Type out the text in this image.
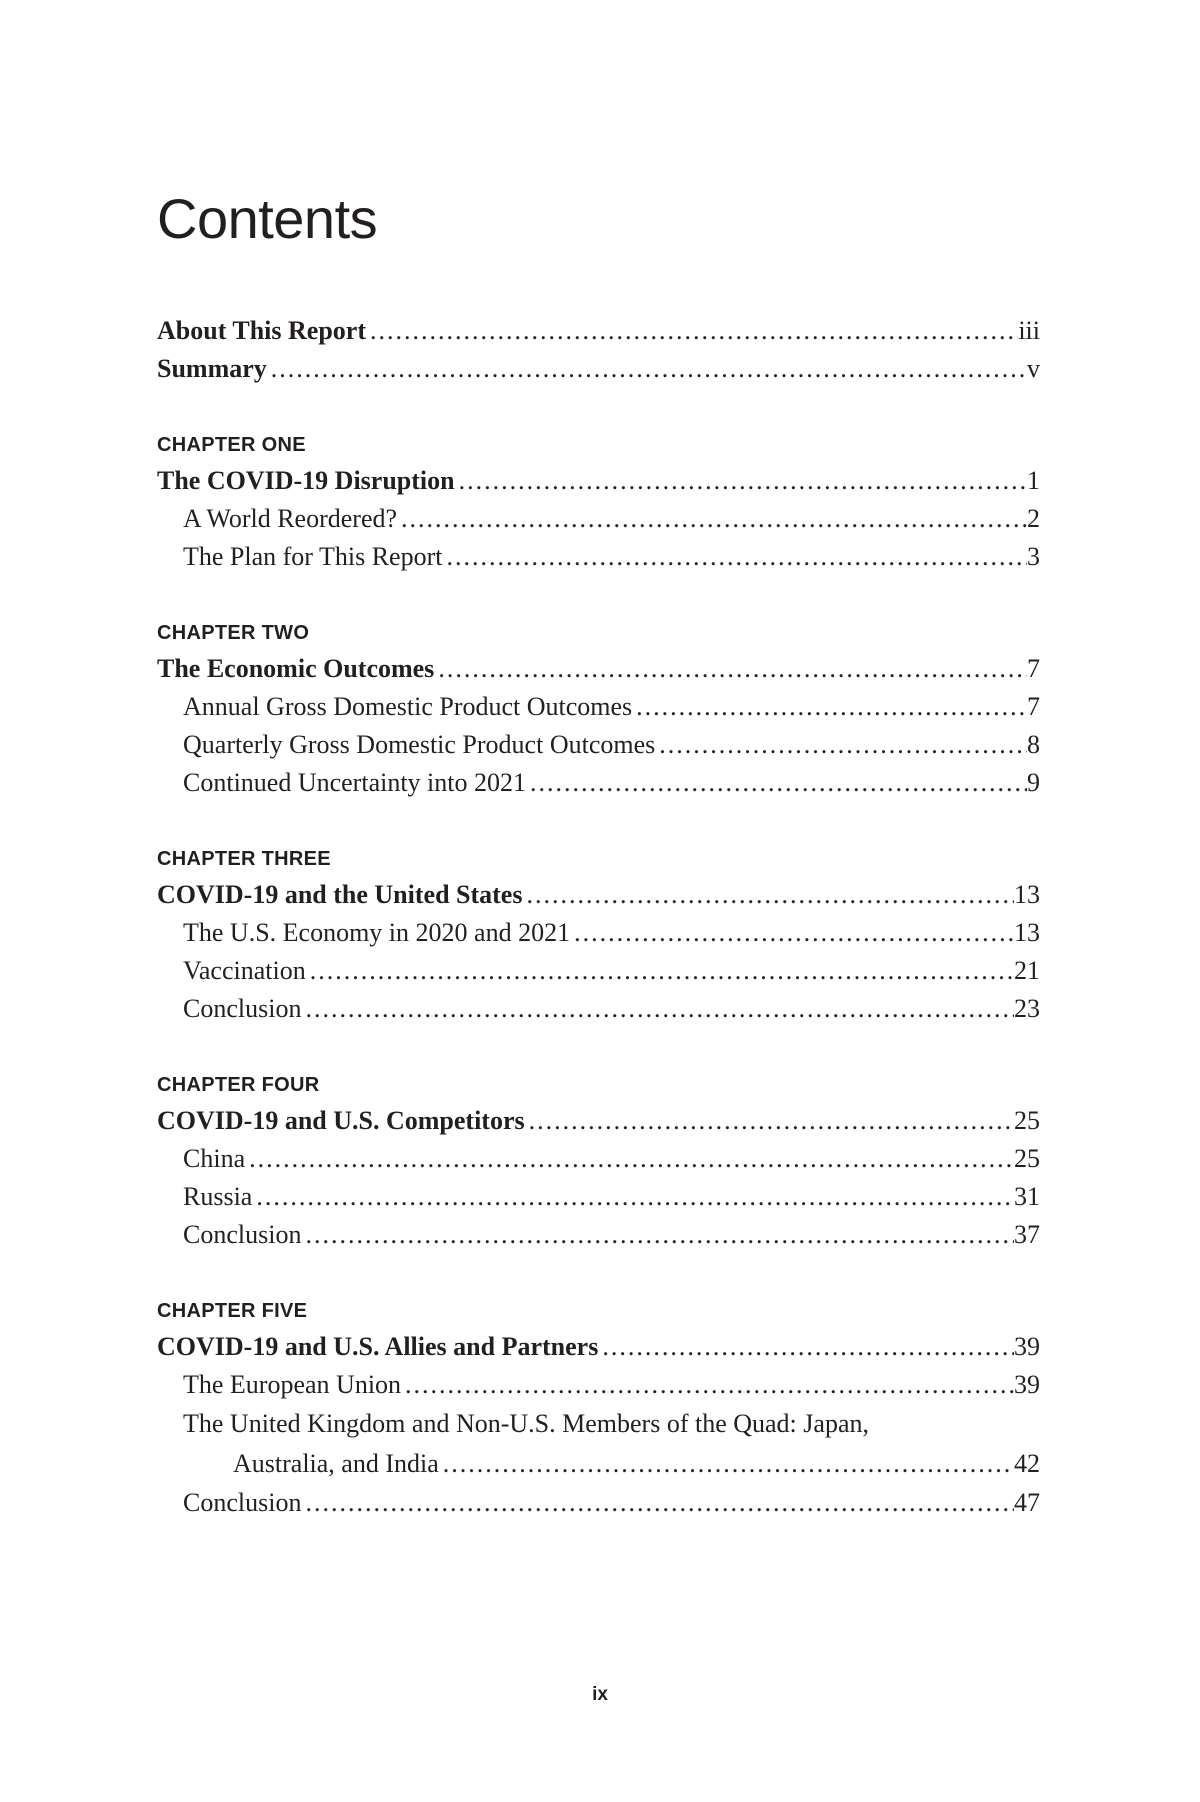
Contents
About This Report .....	iii
Summary .....	v
CHAPTER ONE
The COVID-19 Disruption .....	1
A World Reordered? .....	2
The Plan for This Report .....	3
CHAPTER TWO
The Economic Outcomes .....	7
Annual Gross Domestic Product Outcomes .....	7
Quarterly Gross Domestic Product Outcomes .....	8
Continued Uncertainty into 2021 .....	9
CHAPTER THREE
COVID-19 and the United States .....	13
The U.S. Economy in 2020 and 2021 .....	13
Vaccination .....	21
Conclusion .....	23
CHAPTER FOUR
COVID-19 and U.S. Competitors .....	25
China .....	25
Russia .....	31
Conclusion .....	37
CHAPTER FIVE
COVID-19 and U.S. Allies and Partners .....	39
The European Union .....	39
The United Kingdom and Non-U.S. Members of the Quad: Japan,
Australia, and India .....	42
Conclusion .....	47
ix
